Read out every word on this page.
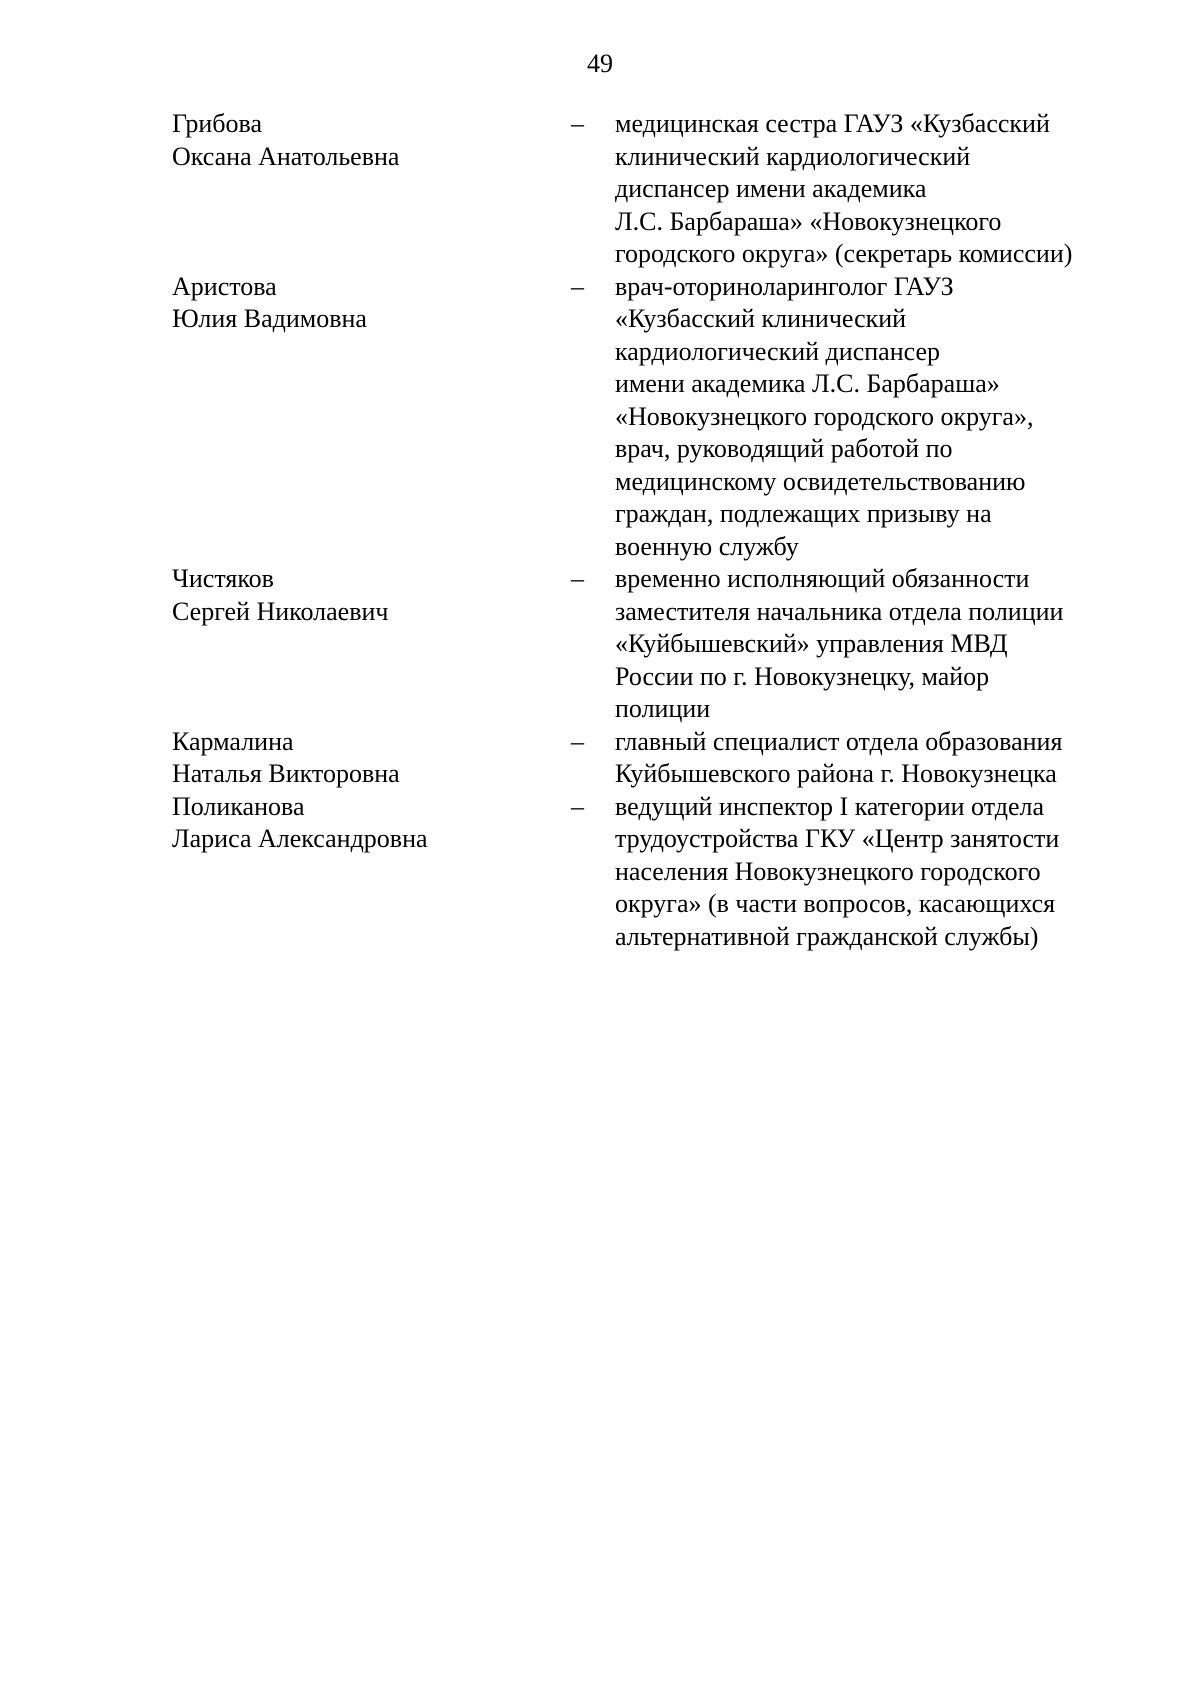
49
Грибова
Оксана Анатольевна
–	медицинская сестра ГАУЗ «Кузбасский
клинический кардиологический
диспансер имени академика
Л.С. Барбараша» «Новокузнецкого
городского округа» (секретарь комиссии)
Аристова
Юлия Вадимовна
–	врач-оториноларинголог ГАУЗ
«Кузбасский клинический
кардиологический диспансер
имени академика Л.С. Барбараша»
«Новокузнецкого городского округа»,
врач, руководящий работой по
медицинскому освидетельствованию
граждан, подлежащих призыву на
военную службу
Чистяков
Сергей Николаевич
–	временно исполняющий обязанности
заместителя начальника отдела полиции
«Куйбышевский» управления МВД
России по г. Новокузнецку, майор
полиции
Кармалина
Наталья Викторовна
–	главный специалист отдела образования
Куйбышевского района г. Новокузнецка
Поликанова
Лариса Александровна
–	ведущий инспектор I категории отдела
трудоустройства ГКУ «Центр занятости
населения Новокузнецкого городского
округа» (в части вопросов, касающихся
альтернативной гражданской службы)
